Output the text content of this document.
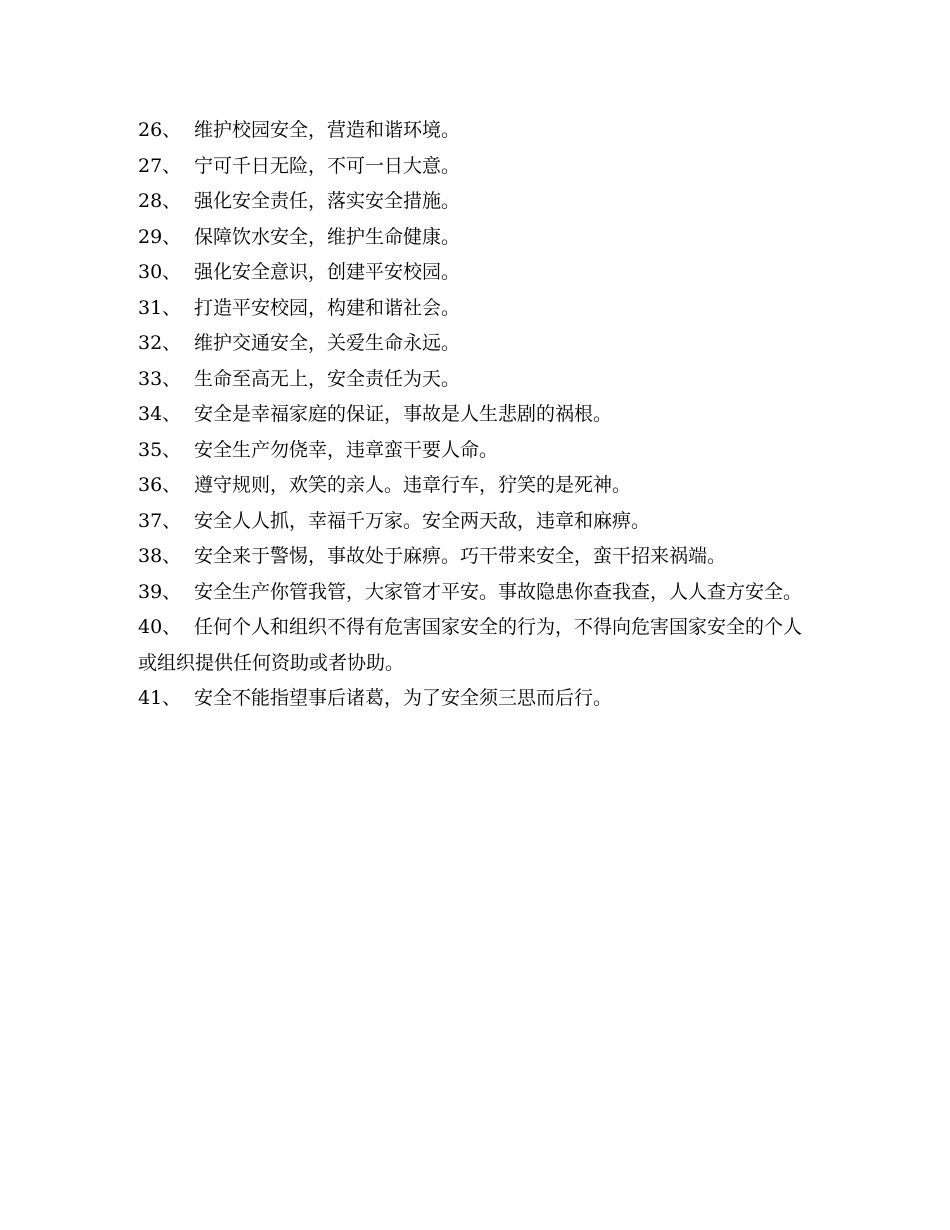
26、 维护校园安全，营造和谐环境。

27、 宁可千日无险，不可一日大意。

28、 强化安全责任，落实安全措施。

29、 保障饮水安全，维护生命健康。

30、 强化安全意识，创建平安校园。

31、 打造平安校园，构建和谐社会。

32、 维护交通安全，关爱生命永远。

33、 生命至高无上，安全责任为天。

34、 安全是幸福家庭的保证，事故是人生悲剧的祸根。

35、 安全生产勿侥幸，违章蛮干要人命。

36、 遵守规则，欢笑的亲人。违章行车，狞笑的是死神。

37、 安全人人抓，幸福千万家。安全两天敌，违章和麻痹。

38、 安全来于警惕，事故处于麻痹。巧干带来安全，蛮干招来祸端。

39、 安全生产你管我管，大家管才平安。事故隐患你查我查，人人查方安全。

40、 任何个人和组织不得有危害国家安全的行为，不得向危害国家安全的个人或组织提供任何资助或者协助。

41、 安全不能指望事后诸葛，为了安全须三思而后行。
